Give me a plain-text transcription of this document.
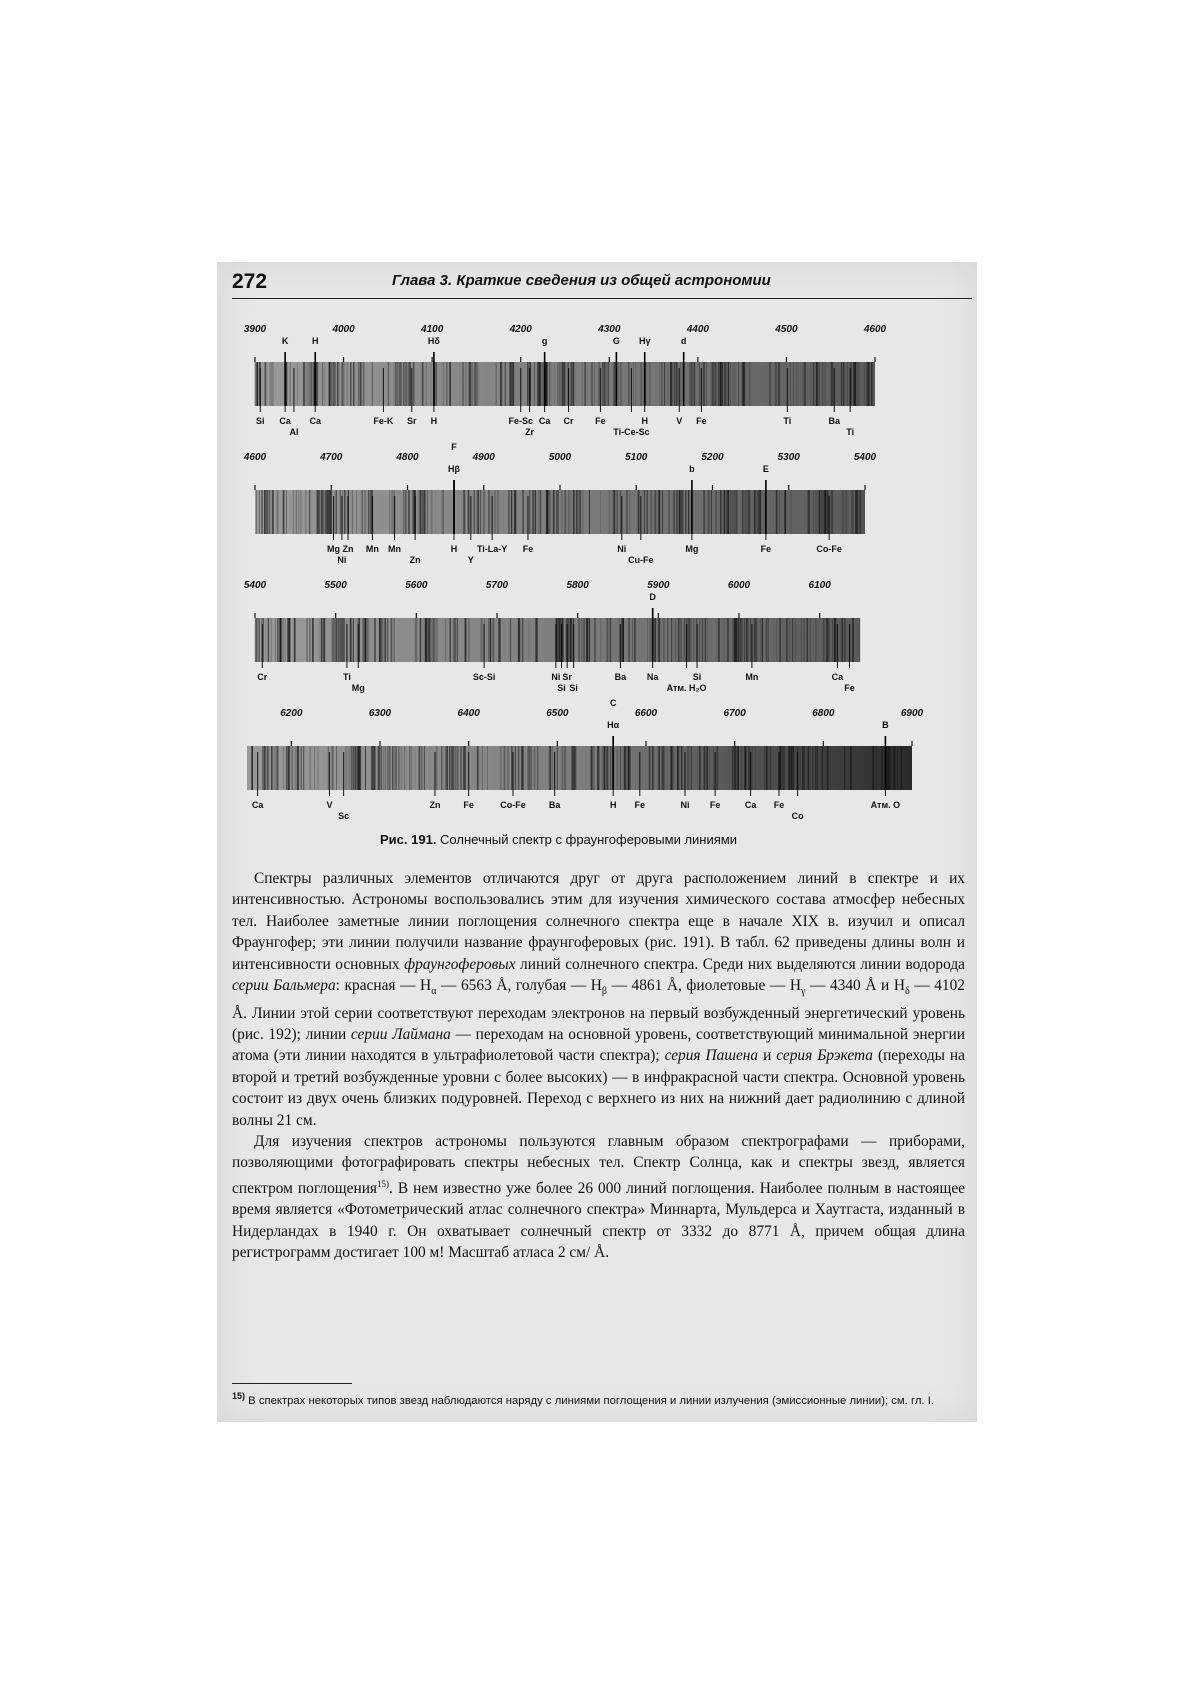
272	Глава 3. Краткие сведения из общей астрономии
3900	4000	4100	4200	4300	4400	4500	4600
K	H	Hδ	g	G Hγ	d
Si Ca
Al
Ca	Fe-K Sr H	Fe-Sc
Zr
Ca Cr Fe	H
Ti-Ce-Sc
V Fe	Ti	Ba
Ti
4600	4700	4800	4900	5000	5100	5200	5300	5400
Hβ
F
b	E
Mg
Ni
Zn Mn Mn
Zn
H
Y
Ti-La-Y Fe	Ni
Cu-Fe
Mg	Fe	Co-Fe
5400	5500	5600	5700	5800	5900	6000	6100
D
Cr	Ti
Mg
Sc-Si	Ni
Si
Sr
Si
Ba Na	Si
Атм. H₂O
Mn	Ca
Fe
6200	6300	6400	6500	6600	6700	6800	6900
Hα
C
B
Ca	V
Sc
Zn	Fe	Co-Fe	Ba	H Fe	Ni Fe	Ca Fe
Co
Атм. O
Рис. 191. Солнечный спектр с фраунгоферовыми линиями

Спектры различных элементов отличаются друг от друга расположением линий в спектре и их интенсивностью. Астрономы воспользовались этим для изучения химического состава атмосфер небесных тел. Наиболее заметные линии поглощения солнечного спектра еще в начале XIX в. изучил и описал Фраунгофер; эти линии получили название фраунгоферовых (рис. 191). В табл. 62 приведены длины волн и интенсивности основных фраунгоферовых линий солнечного спектра. Среди них выделяются линии водорода серии Бальмера: красная — $H_\alpha$ — 6563 Å, голубая — $H_\beta$ — 4861 Å, фиолетовые — $H_\gamma$ — 4340 Å и $H_\delta$ — 4102 Å. Линии этой серии соответствуют переходам электронов на первый возбужденный энергетический уровень (рис. 192); линии серии Лаймана — переходам на основной уровень, соответствующий минимальной энергии атома (эти линии находятся в ультрафиолетовой части спектра); серия Пашена и серия Брэкета (переходы на второй и третий возбужденные уровни с более высоких) — в инфракрасной части спектра. Основной уровень состоит из двух очень близких подуровней. Переход с верхнего из них на нижний дает радиолинию с длиной волны 21 см.

Для изучения спектров астрономы пользуются главным образом спектрографами — приборами, позволяющими фотографировать спектры небесных тел. Спектр Солнца, как и спектры звезд, является спектром поглощения$^{15)}$. В нем известно уже более 26 000 линий поглощения. Наиболее полным в настоящее время является «Фотометрический атлас солнечного спектра» Миннарта, Мульдерса и Хаутгаста, изданный в Нидерландах в 1940 г. Он охватывает солнечный спектр от 3332 до 8771 Å, причем общая длина регистрограмм достигает 100 м! Масштаб атласа 2 см/ Å.

$^{15)}$ В спектрах некоторых типов звезд наблюдаются наряду с линиями поглощения и линии излучения (эмиссионные линии); см. гл. I.
